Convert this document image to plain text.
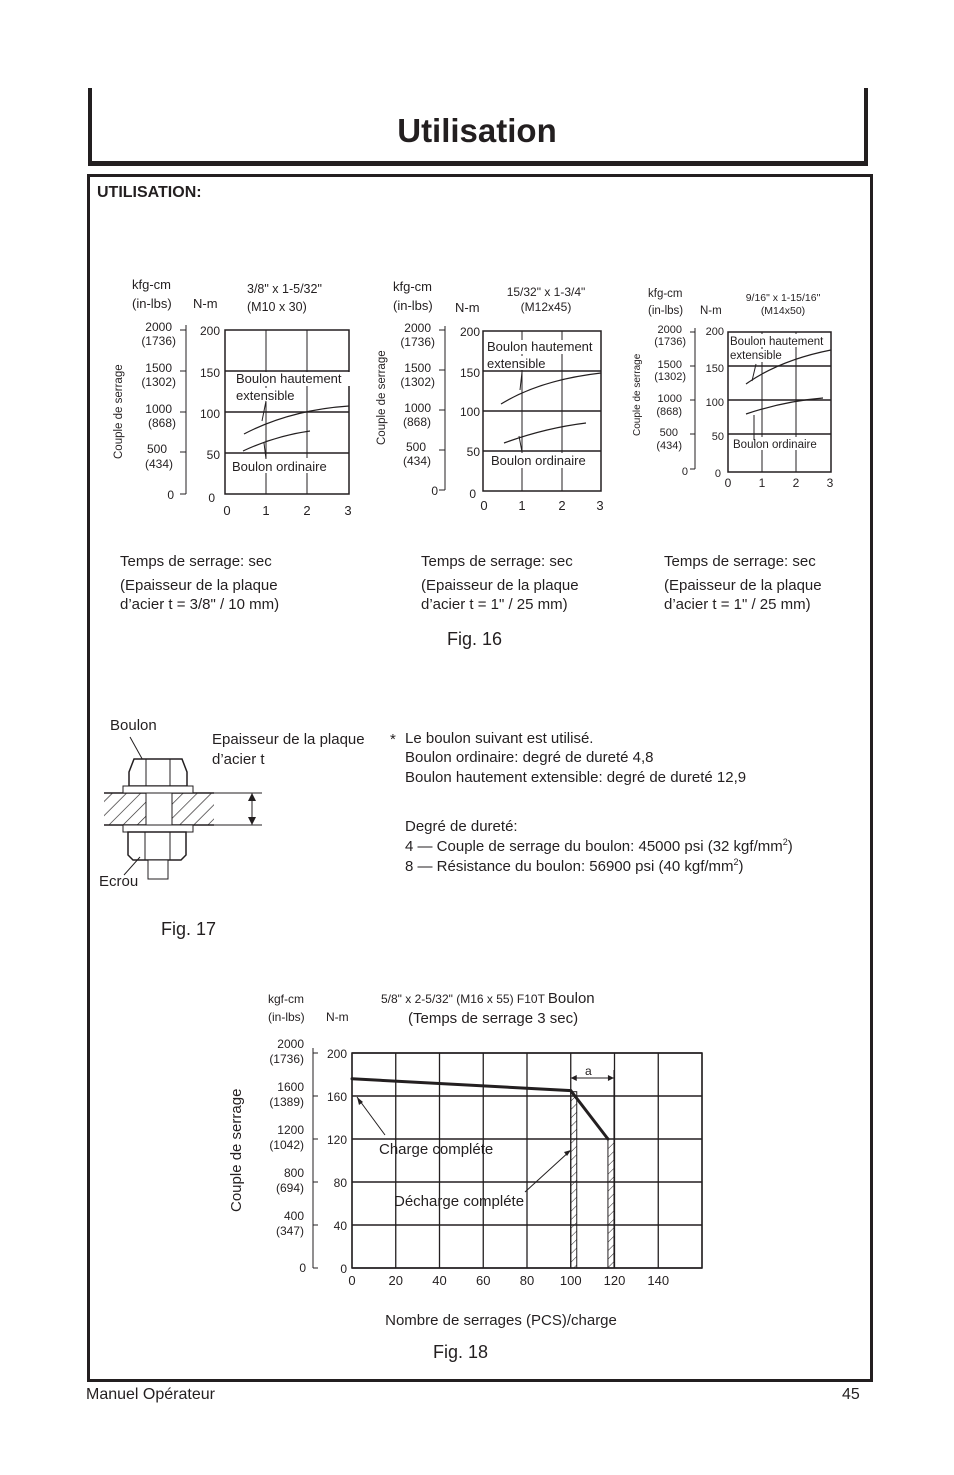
Utilisation
UTILISATION:
kfg-cm
(in-lbs) N-m
3/8" x 1-5/32"
(M10 x 30)
Couple de serrage
2000
(1736)
1500
(1302)
1000
(868)
500
(434)
0
200
150
100
50
0
Boulon hautement
extensible
Boulon ordinaire
0 1	2	3
kfg-cm
(in-lbs) N-m
15/32" x 1-3/4"
(M12x45)
Couple de serrage
2000
(1736)
1500
(1302)
1000
(868)
500
(434)
0
200
150
100
50
0
Boulon hautement
extensible
Boulon ordinaire
0 1	2 3
kfg-cm
(in-lbs) N-m
9/16" x 1-15/16"
(M14x50)
Couple de serrage
2000
(1736)
1500
(1302)
1000
(868)
500
(434)
0
200
150
100
50
0
Boulon hautement
extensible
Boulon ordinaire
0 1 2 3
Temps de serrage: sec
(Epaisseur de la plaque
d’acier t = 3/8" / 10 mm)
Temps de serrage: sec
(Epaisseur de la plaque
d’acier t = 1" / 25 mm)
Temps de serrage: sec
(Epaisseur de la plaque
d’acier t = 1" / 25 mm)
Fig. 16
Boulon
Ecrou
Epaisseur de la plaque
d’acier t
* Le boulon suivant est utilisé.
Boulon ordinaire: degré de dureté 4,8
Boulon hautement extensible: degré de dureté 12,9
Degré de dureté:
4 — Couple de serrage du boulon: 45000 psi (32 kgf/$mm^2$)
8 — Résistance du boulon: 56900 psi (40 kgf/$mm^2$)
Fig. 17
kgf-cm
(in-lbs) N-m
5/8" x 2-5/32" (M16 x 55) F10T Boulon
(Temps de serrage 3 sec)
Couple de serrage
2000
(1736)
1600
(1389)
1200
(1042)
800
(694)
400
(347)
0
0	20 40 60 80 100 120 140
200
160
120
80
40
0
a
Charge compléte
Décharge compléte
Nombre de serrages (PCS)/charge
Fig. 18
Manuel Opérateur	45
